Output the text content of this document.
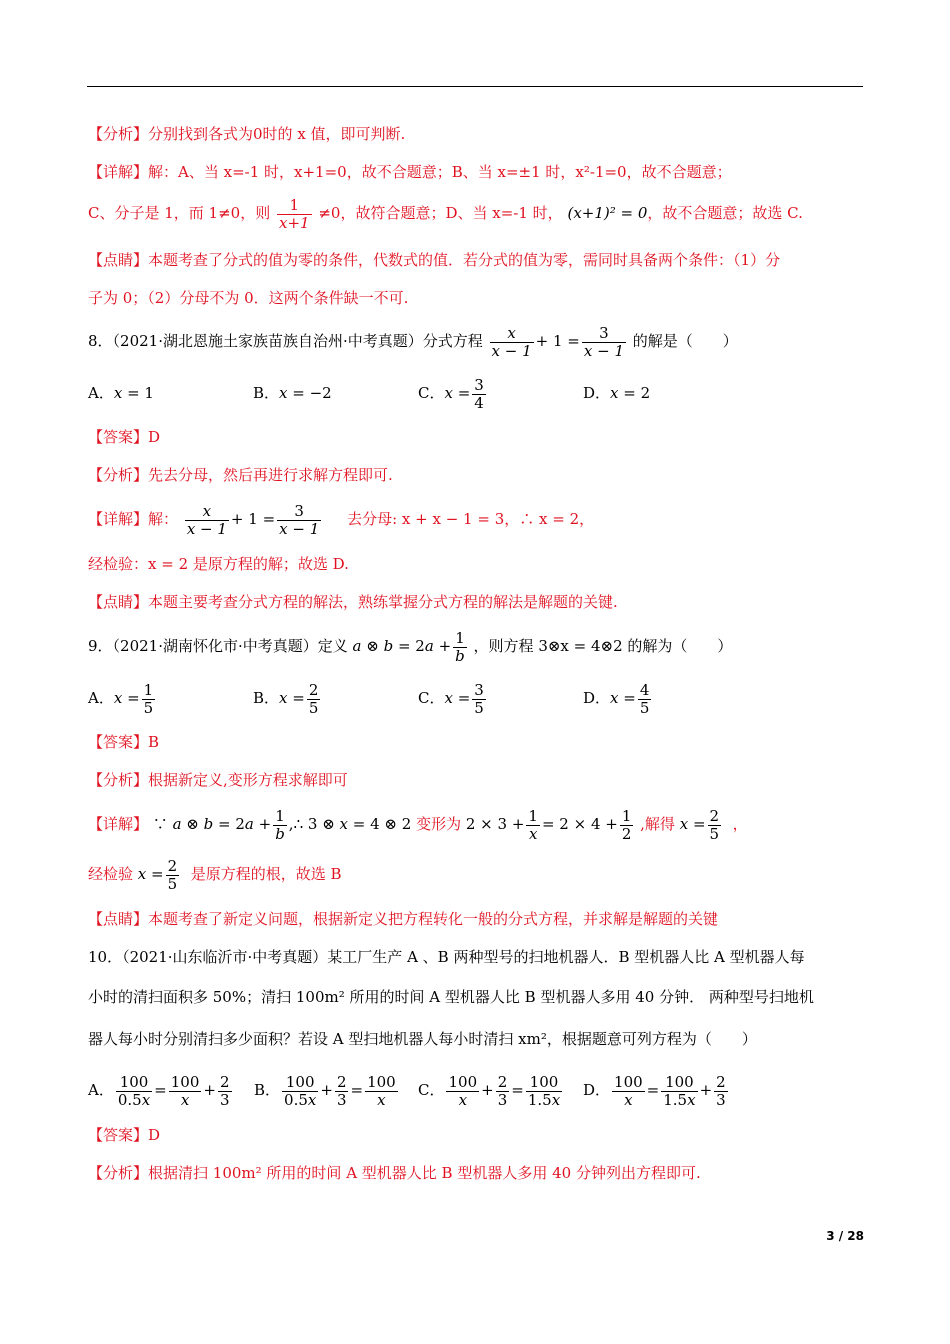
【分析】分别找到各式为0时的 x 值，即可判断.
【详解】解：A、当 x=-1 时，x+1=0，故不合题意；B、当 x=±1 时，x²-1=0，故不合题意；
C、分子是 1，而 1≠0，则 $\frac{1}{x+1} \ne 0$，故符合题意；D、当 x=-1 时， (x+1)² = 0，故不合题意；故选 C.
【点睛】本题考查了分式的值为零的条件，代数式的值．若分式的值为零，需同时具备两个条件：（1）分
子为 0；（2）分母不为 0．这两个条件缺一不可.
8．（2021·湖北恩施土家族苗族自治州·中考真题）分式方程 $\frac{x}{x - 1} + 1 = \frac{3}{x - 1}$ 的解是（　　）
A．x = 1	B．x = −2	C．$x = \frac{3}{4}$	D．x = 2
【答案】D
【分析】先去分母，然后再进行求解方程即可.
【详解】解： $\frac{x}{x - 1} + 1 = \frac{3}{x - 1}$ 去分母: x + x − 1 = 3，∴ x = 2，
经检验：x = 2 是原方程的解；故选 D.
【点睛】本题主要考查分式方程的解法，熟练掌握分式方程的解法是解题的关键.
9．（2021·湖南怀化市·中考真题）定义 a ⊗ $b = 2a + \frac{1}{b}$ ，则方程 3⊗x = 4⊗2 的解为（　　）
A．$x = \frac{1}{5}$	B．$x = \frac{2}{5}$	C．$x = \frac{3}{5}$	D．$x = \frac{4}{5}$
【答案】B
【分析】根据新定义,变形方程求解即可
【详解】 ∵ a ⊗ $b = 2a + \frac{1}{b}$ ,∴ 3 ⊗ x = 4 ⊗ 2 变形为 $2 \times 3 + \frac{1}{x} = 2 \times 4 + \frac{1}{2}$ ,解得 $x = \frac{2}{5}$ ，
经检验 $x = \frac{2}{5}$ 是原方程的根，故选 B
【点睛】本题考查了新定义问题，根据新定义把方程转化一般的分式方程，并求解是解题的关键
10．（2021·山东临沂市·中考真题）某工厂生产 A 、B 两种型号的扫地机器人．B 型机器人比 A 型机器人每
小时的清扫面积多 50%；清扫 100m² 所用的时间 A 型机器人比 B 型机器人多用 40 分钟． 两种型号扫地机
器人每小时分别清扫多少面积？若设 A 型扫地机器人每小时清扫 xm²，根据题意可列方程为（　　）
A． $\frac{100}{0.5x} = \frac{100}{x} + \frac{2}{3}$ B． $\frac{100}{0.5x} + \frac{2}{3} = \frac{100}{x}$ C． $\frac{100}{x} + \frac{2}{3} = \frac{100}{1.5x}$ D． $\frac{100}{x} = \frac{100}{1.5x} + \frac{2}{3}$
【答案】D
【分析】根据清扫 100m² 所用的时间 A 型机器人比 B 型机器人多用 40 分钟列出方程即可.
3 / 28
